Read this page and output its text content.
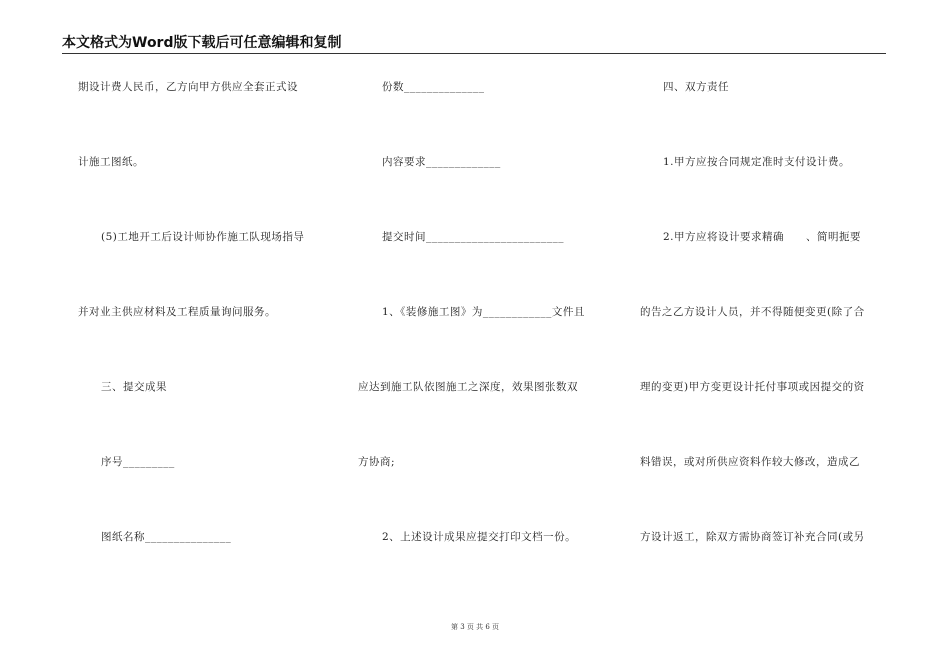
本文格式为Word版下载后可任意编辑和复制
期设计费人民币，乙方向甲方供应全套正式设
计施工图纸。
(5)工地开工后设计师协作施工队现场指导
并对业主供应材料及工程质量询问服务。
三、提交成果
序号_________
图纸名称_______________
份数______________
内容要求_____________
提交时间________________________
1、《装修施工图》为____________文件且
应达到施工队依图施工之深度，效果图张数双
方协商;
2、上述设计成果应提交打印文档一份。
四、双方责任
1.甲方应按合同规定准时支付设计费。
2.甲方应将设计要求精确　　、简明扼要
的告之乙方设计人员，并不得随便变更(除了合
理的变更)甲方变更设计托付事项或因提交的资
料错误，或对所供应资料作较大修改，造成乙
方设计返工，除双方需协商签订补充合同(或另
第 3 页 共 6 页
